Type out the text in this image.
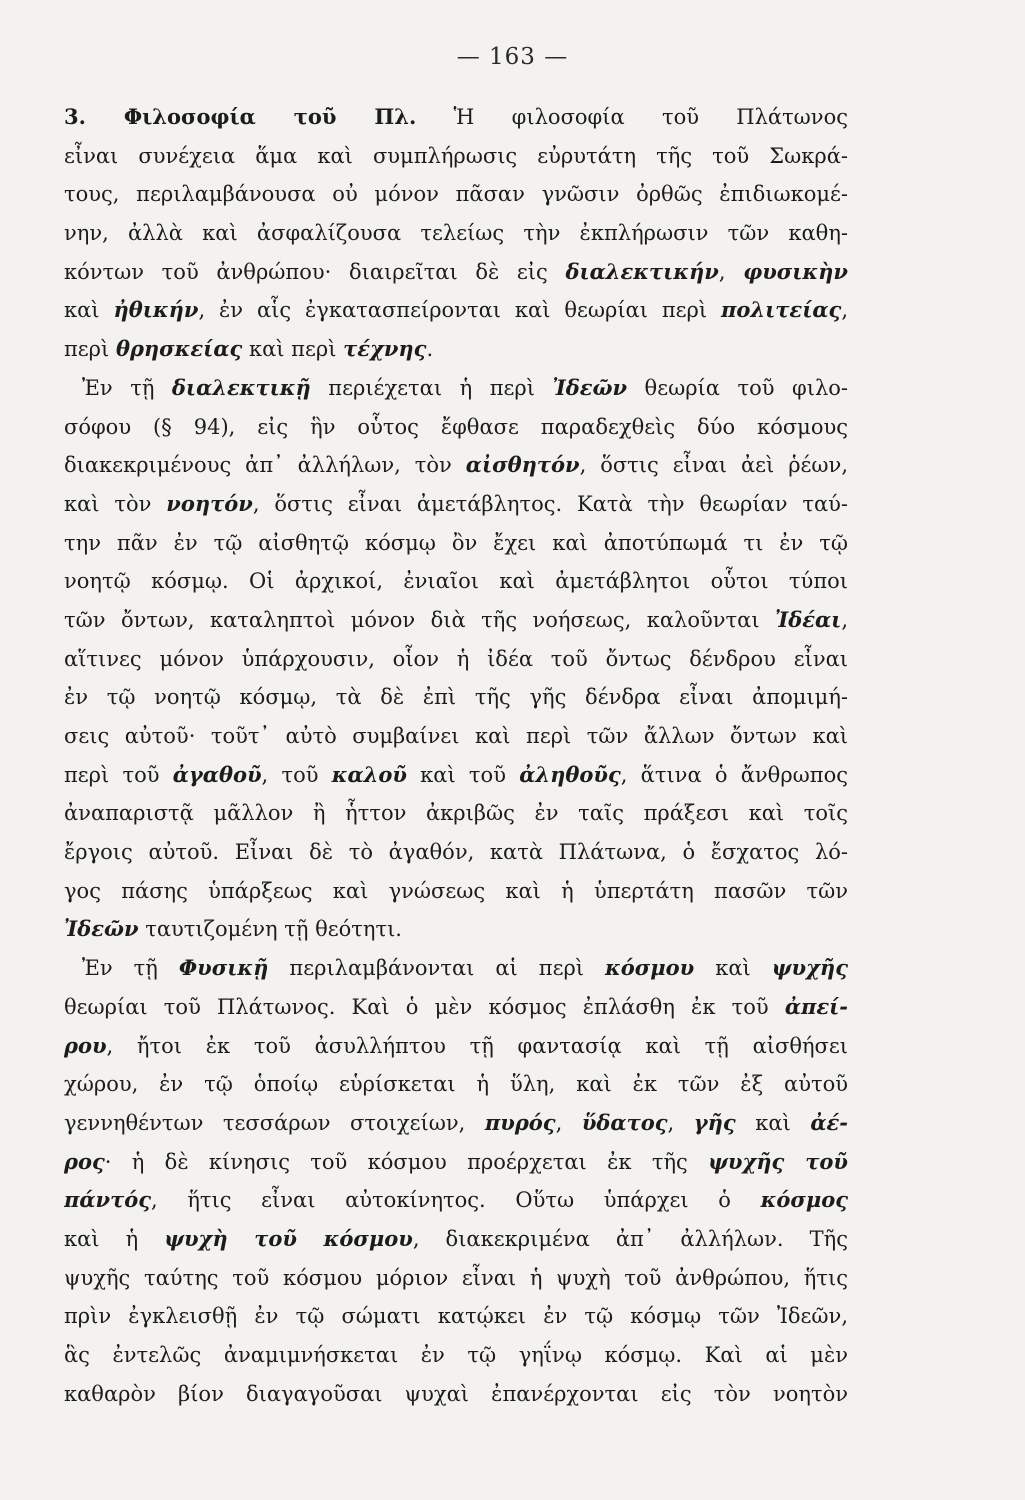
— 163 —
3. Φιλοσοφία τοῦ Πλ. Ἡ φιλοσοφία τοῦ Πλάτωνος
εἶναι συνέχεια ἅμα καὶ συμπλήρωσις εὐρυτάτη τῆς τοῦ Σωκρά-
τους, περιλαμβάνουσα οὐ μόνον πᾶσαν γνῶσιν ὀρθῶς ἐπιδιωκομέ-
νην, ἀλλὰ καὶ ἀσφαλίζουσα τελείως τὴν ἐκπλήρωσιν τῶν καθη-
κόντων τοῦ ἀνθρώπου· διαιρεῖται δὲ εἰς διαλεκτικήν, φυσικὴν
καὶ ἠθικήν, ἐν αἷς ἐγκατασπείρονται καὶ θεωρίαι περὶ πολιτείας,
περὶ θρησκείας καὶ περὶ τέχνης.
Ἐν τῇ διαλεκτικῇ περιέχεται ἡ περὶ Ἰδεῶν θεωρία τοῦ φιλο-
σόφου (§ 94), εἰς ἣν οὗτος ἔφθασε παραδεχθεὶς δύο κόσμους
διακεκριμένους ἀπ᾿ ἀλλήλων, τὸν αἰσθητόν, ὅστις εἶναι ἀεὶ ῥέων,
καὶ τὸν νοητόν, ὅστις εἶναι ἀμετάβλητος. Κατὰ τὴν θεωρίαν ταύ-
την πᾶν ἐν τῷ αἰσθητῷ κόσμῳ ὂν ἔχει καὶ ἀποτύπωμά τι ἐν τῷ
νοητῷ κόσμῳ. Οἱ ἀρχικοί, ἐνιαῖοι καὶ ἀμετάβλητοι οὗτοι τύποι
τῶν ὄντων, καταληπτοὶ μόνον διὰ τῆς νοήσεως, καλοῦνται Ἰδέαι,
αἵτινες μόνον ὑπάρχουσιν, οἷον ἡ ἰδέα τοῦ ὄντως δένδρου εἶναι
ἐν τῷ νοητῷ κόσμῳ, τὰ δὲ ἐπὶ τῆς γῆς δένδρα εἶναι ἀπομιμή-
σεις αὐτοῦ· τοῦτ᾿ αὐτὸ συμβαίνει καὶ περὶ τῶν ἄλλων ὄντων καὶ
περὶ τοῦ ἀγαθοῦ, τοῦ καλοῦ καὶ τοῦ ἀληθοῦς, ἅτινα ὁ ἄνθρωπος
ἀναπαριστᾷ μᾶλλον ἢ ἧττον ἀκριβῶς ἐν ταῖς πράξεσι καὶ τοῖς
ἔργοις αὐτοῦ. Εἶναι δὲ τὸ ἀγαθόν, κατὰ Πλάτωνα, ὁ ἔσχατος λό-
γος πάσης ὑπάρξεως καὶ γνώσεως καὶ ἡ ὑπερτάτη πασῶν τῶν
Ἰδεῶν ταυτιζομένη τῇ θεότητι.
Ἐν τῇ Φυσικῇ περιλαμβάνονται αἱ περὶ κόσμου καὶ ψυχῆς
θεωρίαι τοῦ Πλάτωνος. Καὶ ὁ μὲν κόσμος ἐπλάσθη ἐκ τοῦ ἀπεί-
ρου, ἤτοι ἐκ τοῦ ἀσυλλήπτου τῇ φαντασίᾳ καὶ τῇ αἰσθήσει
χώρου, ἐν τῷ ὁποίῳ εὑρίσκεται ἡ ὕλη, καὶ ἐκ τῶν ἐξ αὐτοῦ
γεννηθέντων τεσσάρων στοιχείων, πυρός, ὕδατος, γῆς καὶ ἀέ-
ρος· ἡ δὲ κίνησις τοῦ κόσμου προέρχεται ἐκ τῆς ψυχῆς τοῦ
πάντός, ἥτις εἶναι αὐτοκίνητος. Οὕτω ὑπάρχει ὁ κόσμος
καὶ ἡ ψυχὴ τοῦ κόσμου, διακεκριμένα ἀπ᾿ ἀλλήλων. Τῆς
ψυχῆς ταύτης τοῦ κόσμου μόριον εἶναι ἡ ψυχὴ τοῦ ἀνθρώπου, ἥτις
πρὶν ἐγκλεισθῇ ἐν τῷ σώματι κατῴκει ἐν τῷ κόσμῳ τῶν Ἰδεῶν,
ἃς ἐντελῶς ἀναμιμνήσκεται ἐν τῷ γηΐνῳ κόσμῳ. Καὶ αἱ μὲν
καθαρὸν βίον διαγαγοῦσαι ψυχαὶ ἐπανέρχονται εἰς τὸν νοητὸν
